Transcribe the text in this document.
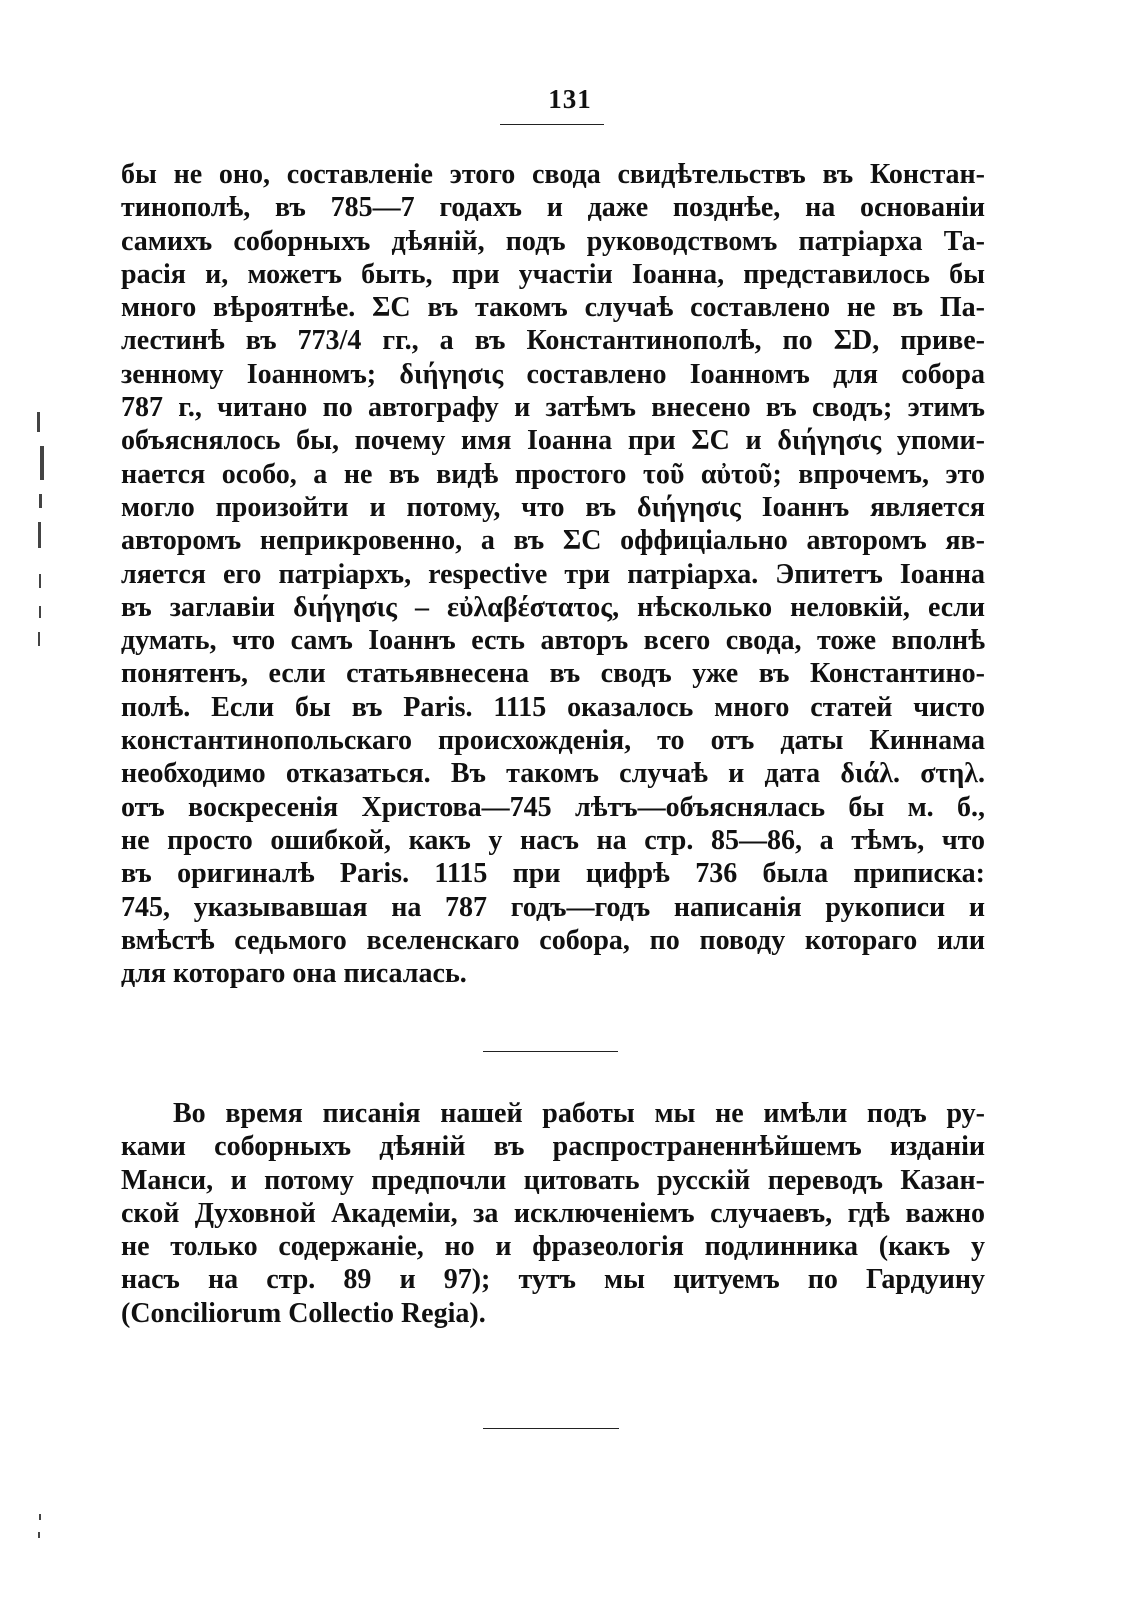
131
бы не оно, составленіе этого свода свидѣтельствъ въ Констан-
тинополѣ, въ 785—7 годахъ и даже позднѣе, на основаніи
самихъ соборныхъ дѣяній, подъ руководствомъ патріарха Та-
расія и, можетъ быть, при участіи Іоанна, представилось бы
много вѣроятнѣе. ΣC въ такомъ случаѣ составлено не въ Па-
лестинѣ въ 773/4 гг., а въ Константинополѣ, по ΣD, приве-
зенному Іоанномъ; διήγησις составлено Іоанномъ для собора
787 г., читано по автографу и затѣмъ внесено въ сводъ; этимъ
объяснялось бы, почему имя Іоанна при ΣC и διήγησις упоми-
нается особо, а не въ видѣ простого τοῦ αὐτοῦ; впрочемъ, это
могло произойти и потому, что въ διήγησις Іоаннъ является
авторомъ неприкровенно, а въ ΣC оффиціально авторомъ яв-
ляется его патріархъ, respective три патріарха. Эпитетъ Іоанна
въ заглавіи διήγησις – εὐλαβέστατος, нѣсколько неловкій, если
думать, что самъ Іоаннъ есть авторъ всего свода, тоже вполнѣ
понятенъ, если статьявнесена въ сводъ уже въ Константино-
полѣ. Если бы въ Paris. 1115 оказалось много статей чисто
константинопольскаго происхожденія, то отъ даты Киннама
необходимо отказаться. Въ такомъ случаѣ и дата διάλ. στηλ.
отъ воскресенія Христова—745 лѣтъ—объяснялась бы м. б.,
не просто ошибкой, какъ у насъ на стр. 85—86, а тѣмъ, что
въ оригиналѣ Paris. 1115 при цифрѣ 736 была приписка:
745, указывавшая на 787 годъ—годъ написанія рукописи и
вмѣстѣ седьмого вселенскаго собора, по поводу котораго или
для котораго она писалась.
Во время писанія нашей работы мы не имѣли подъ ру-
ками соборныхъ дѣяній въ распространеннѣйшемъ изданіи
Манси, и потому предпочли цитовать русскій переводъ Казан-
ской Духовной Академіи, за исключеніемъ случаевъ, гдѣ важно
не только содержаніе, но и фразеологія подлинника (какъ у
насъ на стр. 89 и 97); тутъ мы цитуемъ по Гардуину
(Conciliorum Collectio Regia).
